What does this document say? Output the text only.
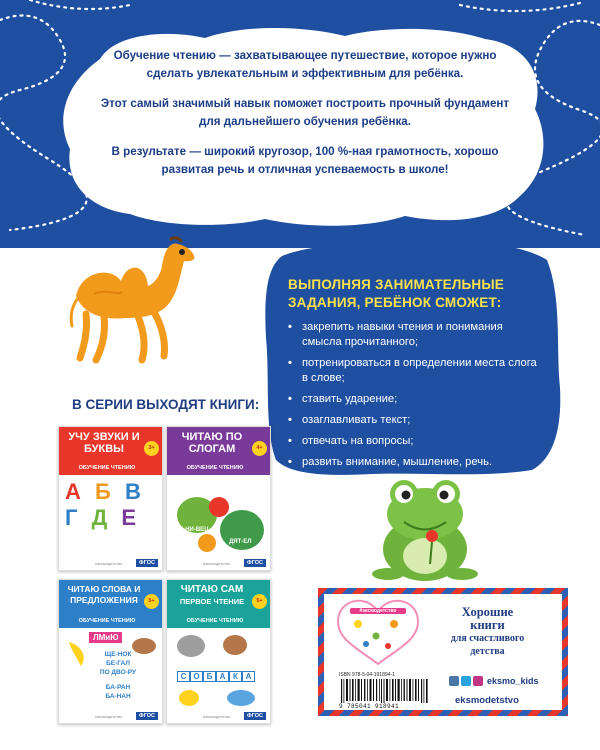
Обучение чтению — захватывающее путешествие, которое нужно сделать увлекательным и эффективным для ребёнка.

Этот самый значимый навык поможет построить прочный фундамент для дальнейшего обучения ребёнка.

В результате — широкий кругозор, 100 %-ная грамотность, хорошо развитая речь и отличная успеваемость в школе!

ВЫПОЛНЯЯ ЗАНИМАТЕЛЬНЫЕ ЗАДАНИЯ, РЕБЁНОК СМОЖЕТ:
• закрепить навыки чтения и понимания смысла прочитанного;
• потренироваться в определении места слога в слове;
• ставить ударение;
• озаглавливать текст;
• отвечать на вопросы;
• развить внимание, мышление, речь.
В СЕРИИ ВЫХОДЯТ КНИГИ:
УЧУ ЗВУКИ И БУКВЫ
ОБУЧЕНИЕ ЧТЕНИЮ
3+
А Б В
Г Д Е
#эксмодетство	ФГОС
ЧИТАЮ ПО СЛОГАМ
ОБУЧЕНИЕ ЧТЕНИЮ
4+
ОБЕ-ЗЬ-Я
ЛЕ-НИ-ВЕЦ
ДЯТ-ЕЛ
#эксмодетство	ФГОС
ЧИТАЮ СЛОВА И ПРЕДЛОЖЕНИЯ
ОБУЧЕНИЕ ЧТЕНИЮ
5+
ЛМиЮ
ЩЕ-НОК
БЕ-ГАЛ
ПО ДВО-РУ
БА-РАН
БА-НАН
#эксмодетство	ФГОС
ЧИТАЮ САМ
ПЕРВОЕ ЧТЕНИЕ
ОБУЧЕНИЕ ЧТЕНИЮ
5+
С О Б А К А
#эксмодетство	ФГОС
#эксмодетство	Хорошие
книги
для счастливого
детства
ISBN 978-5-04-191894-1
9 785041 918941
eksmo_kids
eksmodetstvo
